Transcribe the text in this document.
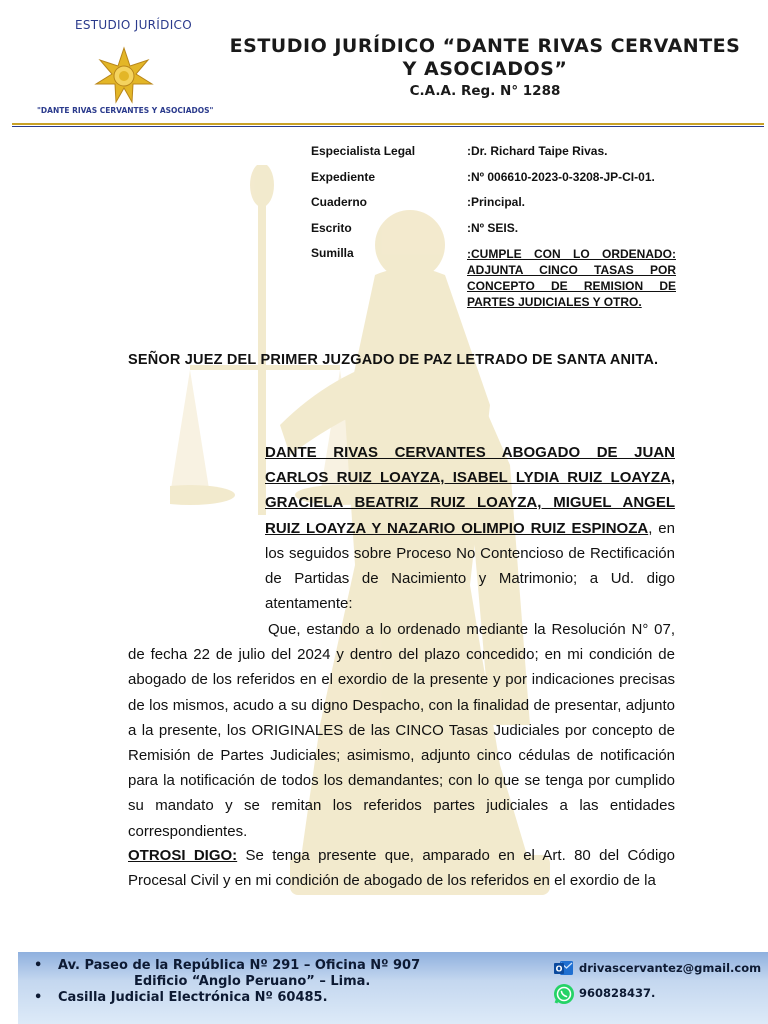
ESTUDIO JURÍDICO
"DANTE RIVAS CERVANTES Y ASOCIADOS"
ESTUDIO JURÍDICO “DANTE RIVAS CERVANTES
Y ASOCIADOS”
C.A.A. Reg. N° 1288
Especialista Legal	:Dr. Richard Taipe Rivas.
Expediente	:Nº 006610-2023-0-3208-JP-CI-01.
Cuaderno	:Principal.
Escrito	:Nº SEIS.
Sumilla	:CUMPLE CON LO ORDENADO: ADJUNTA CINCO TASAS POR CONCEPTO DE REMISION DE PARTES JUDICIALES Y OTRO.
SEÑOR JUEZ DEL PRIMER JUZGADO DE PAZ LETRADO DE SANTA ANITA.
DANTE RIVAS CERVANTES ABOGADO DE JUAN CARLOS RUIZ LOAYZA, ISABEL LYDIA RUIZ LOAYZA, GRACIELA BEATRIZ RUIZ LOAYZA, MIGUEL ANGEL RUIZ LOAYZA Y NAZARIO OLIMPIO RUIZ ESPINOZA, en los seguidos sobre Proceso No Contencioso de Rectificación de Partidas de Nacimiento y Matrimonio; a Ud. digo atentamente:
Que, estando a lo ordenado mediante la Resolución N° 07, de fecha 22 de julio del 2024 y dentro del plazo concedido; en mi condición de abogado de los referidos en el exordio de la presente y por indicaciones precisas de los mismos, acudo a su digno Despacho, con la finalidad de presentar, adjunto a la presente, los ORIGINALES de las CINCO Tasas Judiciales por concepto de Remisión de Partes Judiciales; asimismo, adjunto cinco cédulas de notificación para la notificación de todos los demandantes; con lo que se tenga por cumplido su mandato y se remitan los referidos partes judiciales a las entidades correspondientes.
OTROSI DIGO: Se tenga presente que, amparado en el Art. 80 del Código Procesal Civil y en mi condición de abogado de los referidos en el exordio de la
• Av. Paseo de la República Nº 291 – Oficina Nº 907
Edificio “Anglo Peruano” – Lima.
• Casilla Judicial Electrónica Nº 60485.
O drivascervantez@gmail.com
960828437.
